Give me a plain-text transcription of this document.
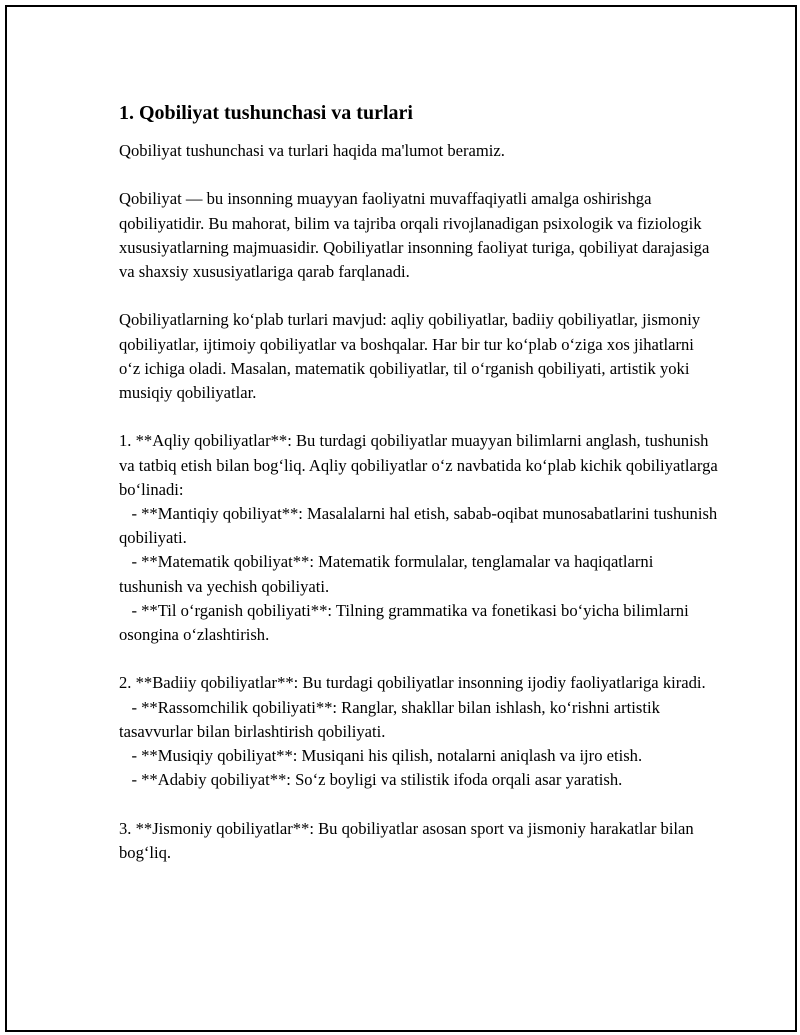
1. Qobiliyat tushunchasi va turlari

Qobiliyat tushunchasi va turlari haqida ma'lumot beramiz.

Qobiliyat — bu insonning muayyan faoliyatni muvaffaqiyatli amalga oshirishga qobiliyatidir. Bu mahorat, bilim va tajriba orqali rivojlanadigan psixologik va fiziologik xususiyatlarning majmuasidir. Qobiliyatlar insonning faoliyat turiga, qobiliyat darajasiga va shaxsiy xususiyatlariga qarab farqlanadi.

Qobiliyatlarning ko‘plab turlari mavjud: aqliy qobiliyatlar, badiiy qobiliyatlar, jismoniy qobiliyatlar, ijtimoiy qobiliyatlar va boshqalar. Har bir tur ko‘plab o‘ziga xos jihatlarni o‘z ichiga oladi. Masalan, matematik qobiliyatlar, til o‘rganish qobiliyati, artistik yoki musiqiy qobiliyatlar.

1. **Aqliy qobiliyatlar**: Bu turdagi qobiliyatlar muayyan bilimlarni anglash, tushunish va tatbiq etish bilan bog‘liq. Aqliy qobiliyatlar o‘z navbatida ko‘plab kichik qobiliyatlarga bo‘linadi:
- **Mantiqiy qobiliyat**: Masalalarni hal etish, sabab-oqibat munosabatlarini tushunish qobiliyati.
- **Matematik qobiliyat**: Matematik formulalar, tenglamalar va haqiqatlarni tushunish va yechish qobiliyati.
- **Til o‘rganish qobiliyati**: Tilning grammatika va fonetikasi bo‘yicha bilimlarni osongina o‘zlashtirish.
2. **Badiiy qobiliyatlar**: Bu turdagi qobiliyatlar insonning ijodiy faoliyatlariga kiradi.
- **Rassomchilik qobiliyati**: Ranglar, shakllar bilan ishlash, ko‘rishni artistik tasavvurlar bilan birlashtirish qobiliyati.
- **Musiqiy qobiliyat**: Musiqani his qilish, notalarni aniqlash va ijro etish.
- **Adabiy qobiliyat**: So‘z boyligi va stilistik ifoda orqali asar yaratish.
3. **Jismoniy qobiliyatlar**: Bu qobiliyatlar asosan sport va jismoniy harakatlar bilan bog‘liq.
